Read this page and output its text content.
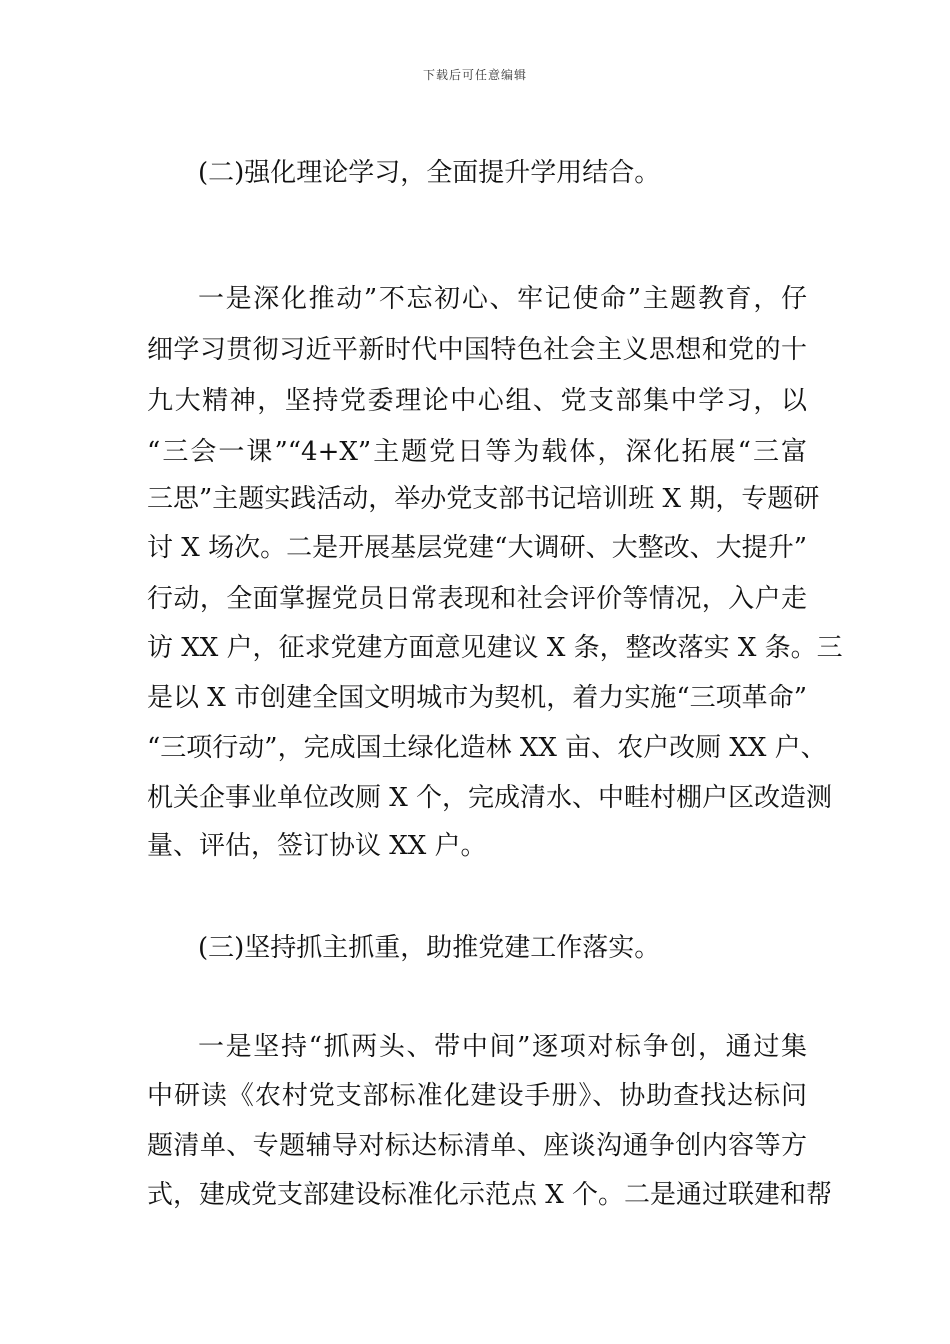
下载后可任意编辑
(二)强化理论学习，全面提升学用结合。
一是深化推动”不忘初心、牢记使命”主题教育，仔
细学习贯彻习近平新时代中国特色社会主义思想和党的十
九大精神，坚持党委理论中心组、党支部集中学习，以
“三会一课”“4+X”主题党日等为载体，深化拓展“三富
三思”主题实践活动，举办党支部书记培训班 X 期，专题研
讨 X 场次。二是开展基层党建“大调研、大整改、大提升”
行动，全面掌握党员日常表现和社会评价等情况，入户走
访 XX 户，征求党建方面意见建议 X 条，整改落实 X 条。三
是以 X 市创建全国文明城市为契机，着力实施“三项革命”
“三项行动”，完成国土绿化造林 XX 亩、农户改厕 XX 户、
机关企事业单位改厕 X 个，完成清水、中畦村棚户区改造测
量、评估，签订协议 XX 户。
(三)坚持抓主抓重，助推党建工作落实。
一是坚持“抓两头、带中间”逐项对标争创，通过集
中研读《农村党支部标准化建设手册》、协助查找达标问
题清单、专题辅导对标达标清单、座谈沟通争创内容等方
式，建成党支部建设标准化示范点 X 个。二是通过联建和帮
